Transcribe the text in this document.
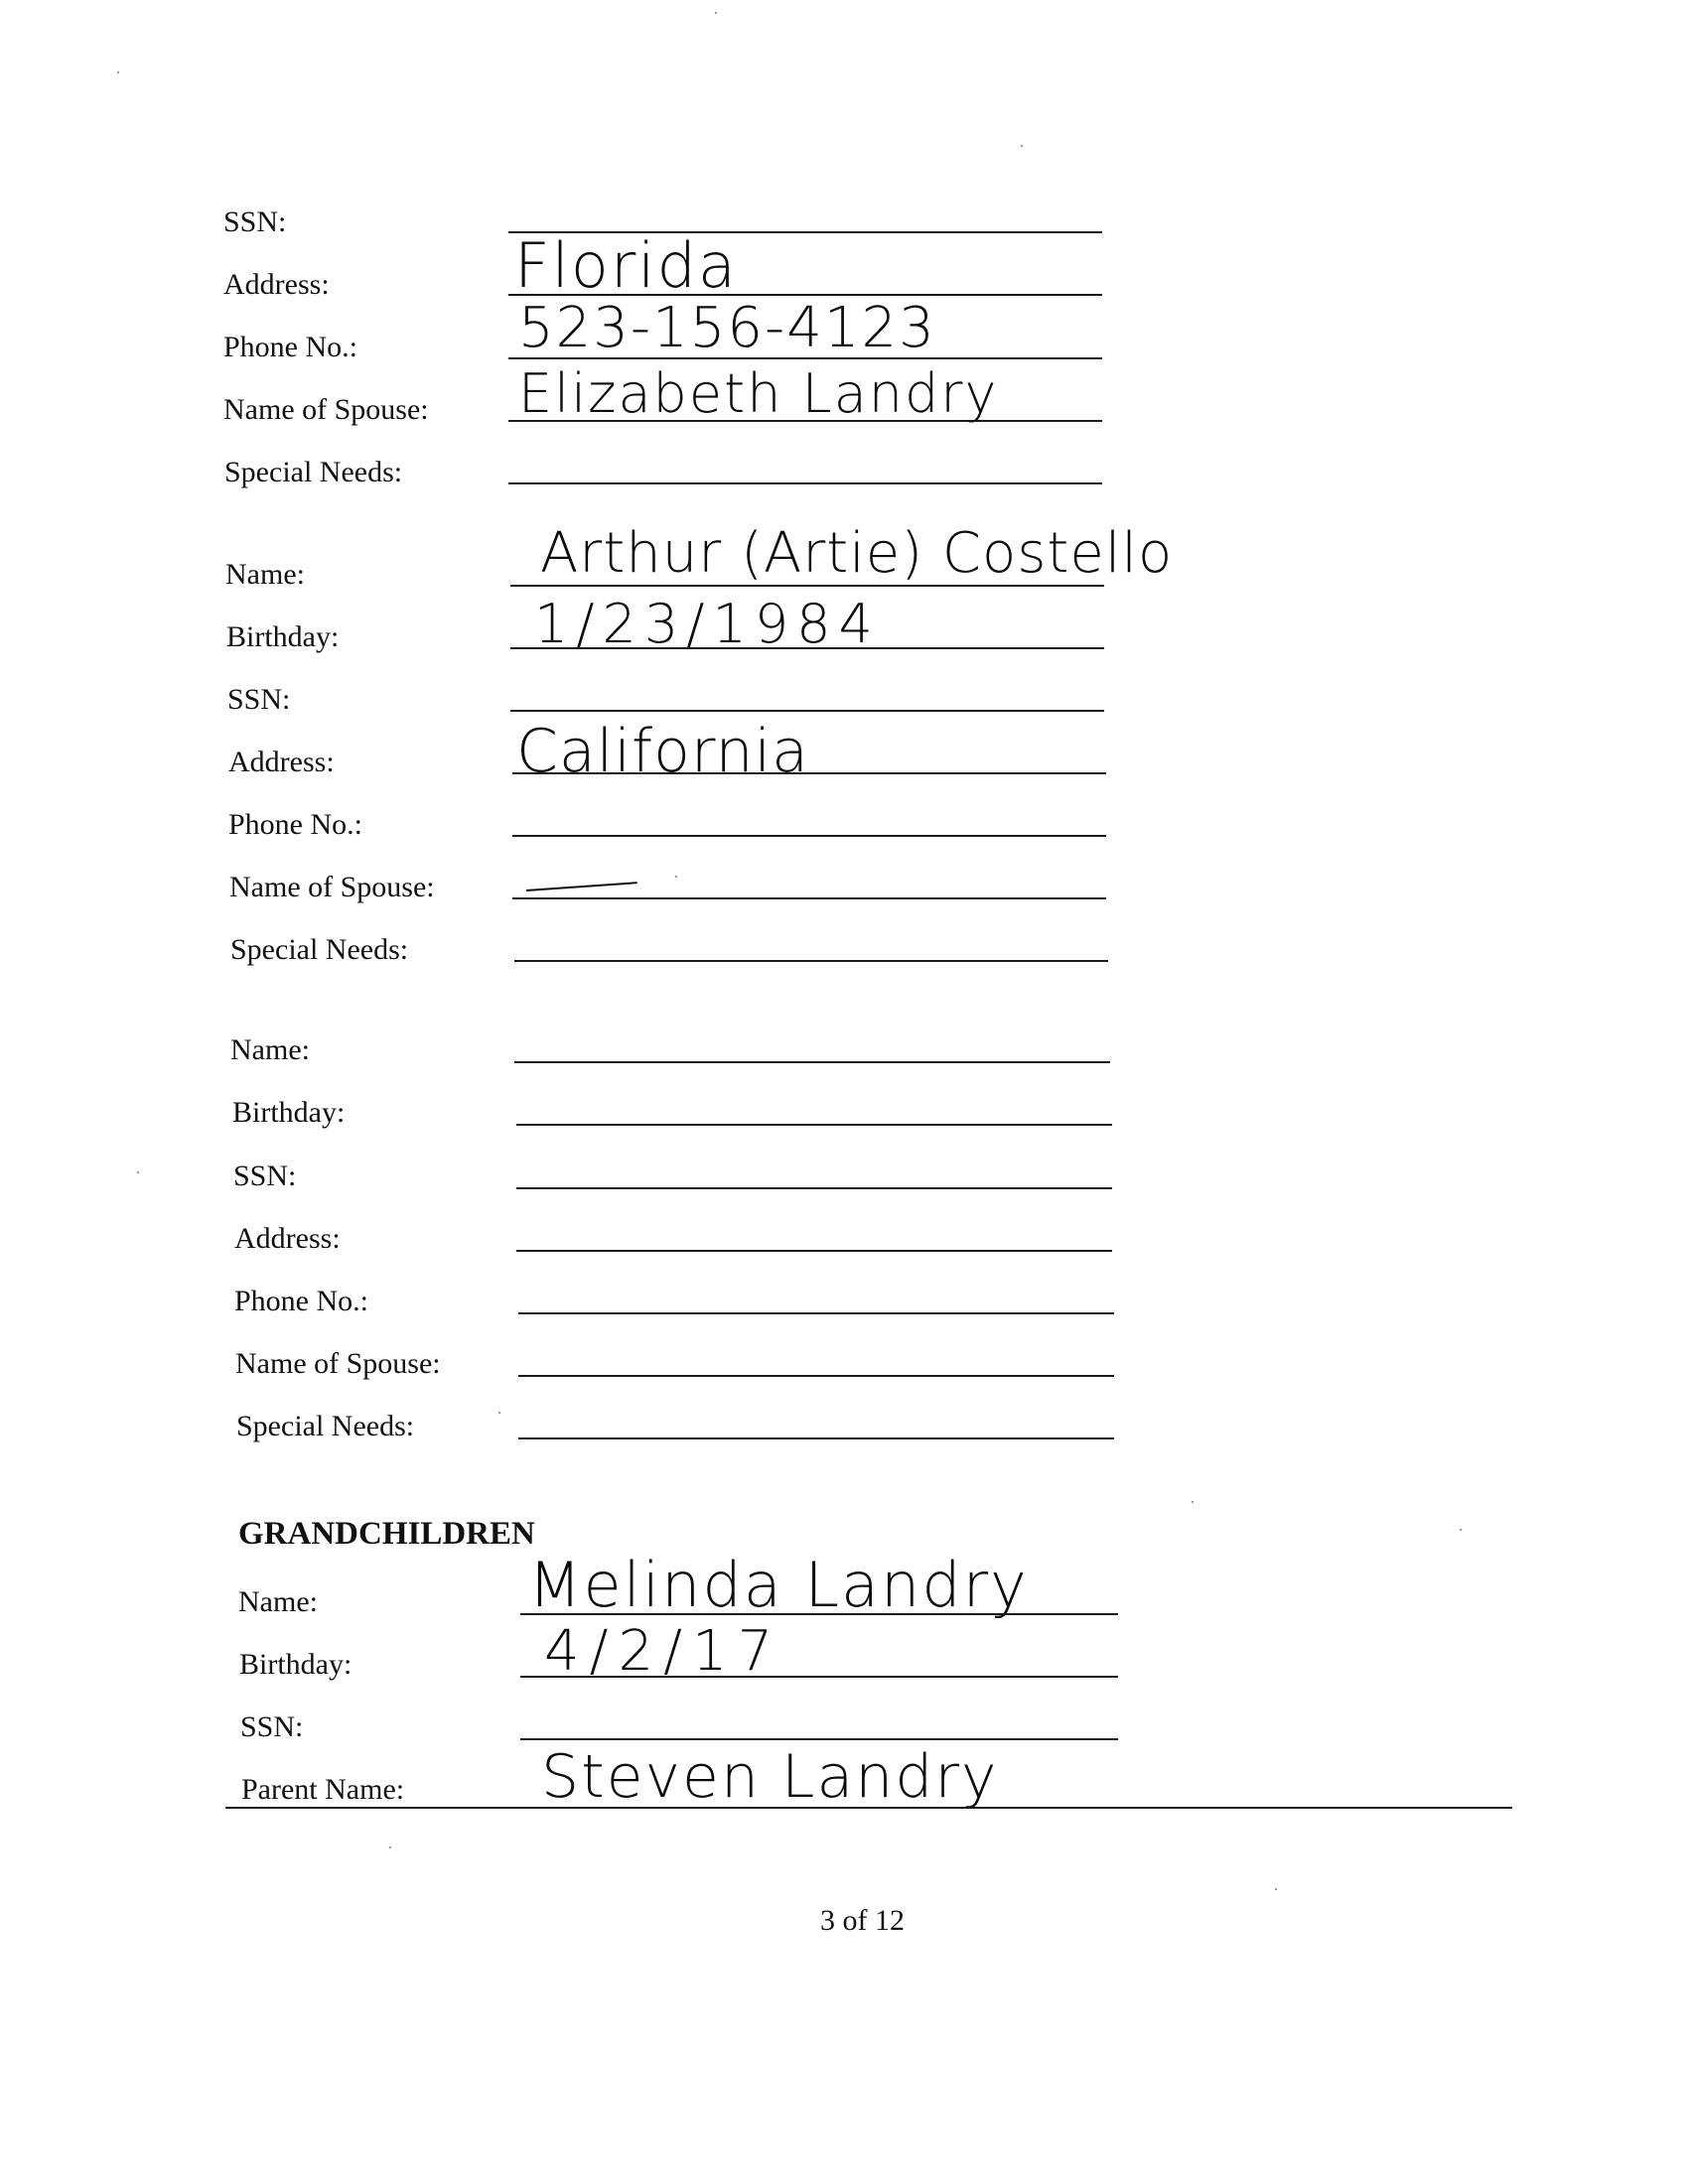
SSN:
Address:	Florida
Phone No.:	523-156-4123
Name of Spouse: Elizabeth Landry
Special Needs:
Name:	Arthur (Artie) Costello
Birthday:	1/23/1984
SSN:
Address:	California
Phone No.:
Name of Spouse:
Special Needs:
Name:
Birthday:
SSN:
Address:
Phone No.:
Name of Spouse:
Special Needs:
GRANDCHILDREN
Name:	Melinda Landry
Birthday:	4/2/17
SSN:
Parent Name: Steven Landry
3 of 12
